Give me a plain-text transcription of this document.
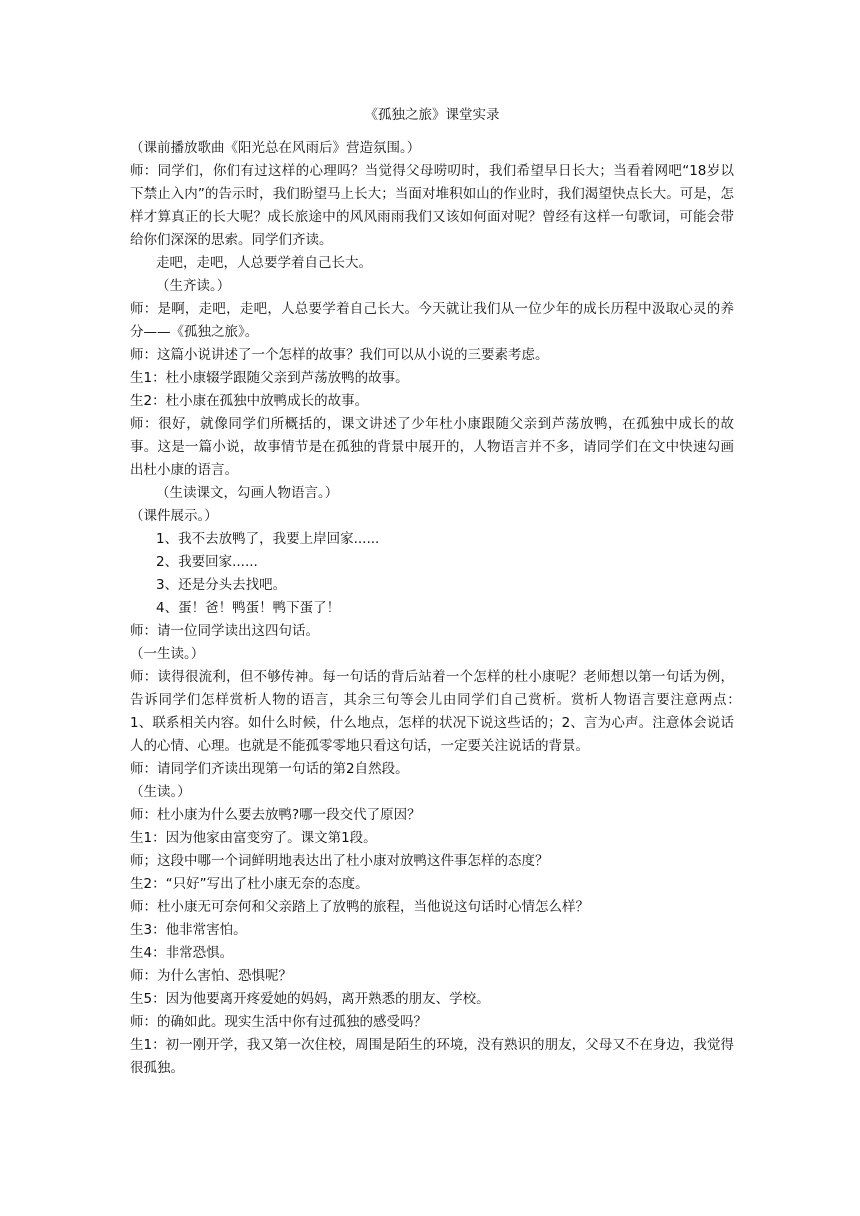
《孤独之旅》课堂实录

（课前播放歌曲《阳光总在风雨后》营造氛围。）

师：同学们，你们有过这样的心理吗？当觉得父母唠叨时，我们希望早日长大；当看着网吧“18岁以下禁止入内”的告示时，我们盼望马上长大；当面对堆积如山的作业时，我们渴望快点长大。可是，怎样才算真正的长大呢？成长旅途中的风风雨雨我们又该如何面对呢？曾经有这样一句歌词，可能会带给你们深深的思索。同学们齐读。

走吧，走吧，人总要学着自己长大。

（生齐读。）

师：是啊，走吧，走吧，人总要学着自己长大。今天就让我们从一位少年的成长历程中汲取心灵的养分——《孤独之旅》。

师：这篇小说讲述了一个怎样的故事？我们可以从小说的三要素考虑。

生1：杜小康辍学跟随父亲到芦荡放鸭的故事。

生2：杜小康在孤独中放鸭成长的故事。

师：很好，就像同学们所概括的，课文讲述了少年杜小康跟随父亲到芦荡放鸭，在孤独中成长的故事。这是一篇小说，故事情节是在孤独的背景中展开的，人物语言并不多，请同学们在文中快速勾画出杜小康的语言。

（生读课文，勾画人物语言。）

（课件展示。）

1、我不去放鸭了，我要上岸回家......

2、我要回家......

3、还是分头去找吧。

4、蛋！爸！鸭蛋！鸭下蛋了！

师：请一位同学读出这四句话。

（一生读。）

师：读得很流利，但不够传神。每一句话的背后站着一个怎样的杜小康呢？老师想以第一句话为例，告诉同学们怎样赏析人物的语言，其余三句等会儿由同学们自己赏析。赏析人物语言要注意两点：　1、联系相关内容。如什么时候，什么地点，怎样的状况下说这些话的；2、言为心声。注意体会说话人的心情、心理。也就是不能孤零零地只看这句话，一定要关注说话的背景。

师：请同学们齐读出现第一句话的第2自然段。

（生读。）

师：杜小康为什么要去放鸭?哪一段交代了原因？

生1：因为他家由富变穷了。课文第1段。

师；这段中哪一个词鲜明地表达出了杜小康对放鸭这件事怎样的态度？

生2：“只好”写出了杜小康无奈的态度。

师：杜小康无可奈何和父亲踏上了放鸭的旅程，当他说这句话时心情怎么样？

生3：他非常害怕。

生4：非常恐惧。

师：为什么害怕、恐惧呢？

生5：因为他要离开疼爱她的妈妈，离开熟悉的朋友、学校。

师：的确如此。现实生活中你有过孤独的感受吗？

生1：初一刚开学，我又第一次住校，周围是陌生的环境，没有熟识的朋友，父母又不在身边，我觉得很孤独。
